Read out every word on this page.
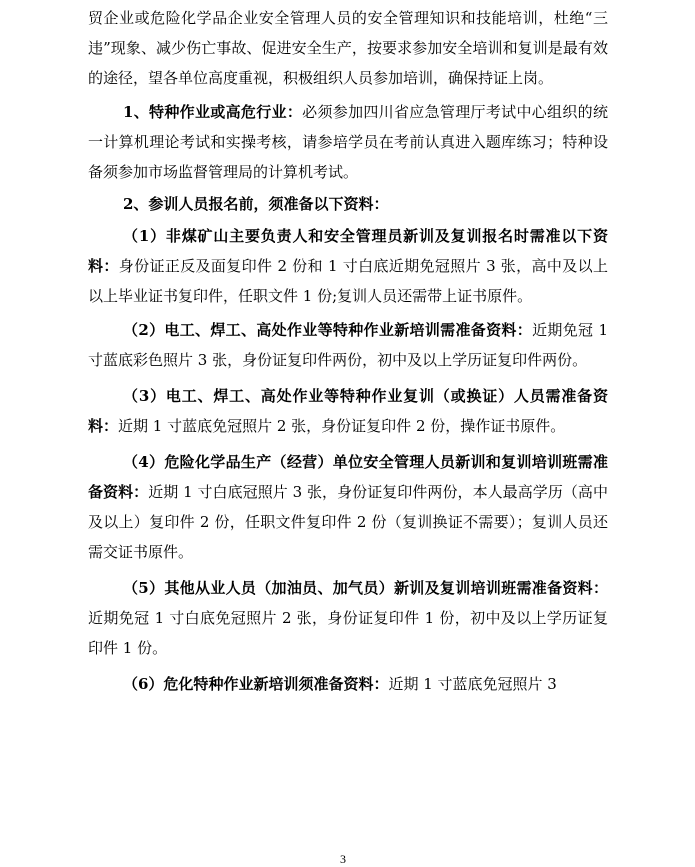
贸企业或危险化学品企业安全管理人员的安全管理知识和技能培训，杜绝“三违”现象、减少伤亡事故、促进安全生产，按要求参加安全培训和复训是最有效的途径，望各单位高度重视，积极组织人员参加培训，确保持证上岗。

1、特种作业或高危行业：必须参加四川省应急管理厅考试中心组织的统一计算机理论考试和实操考核，请参培学员在考前认真进入题库练习；特种设备须参加市场监督管理局的计算机考试。

2、参训人员报名前，须准备以下资料：

（1）非煤矿山主要负责人和安全管理员新训及复训报名时需准以下资料：身份证正反及面复印件 2 份和 1 寸白底近期免冠照片 3 张，高中及以上以上毕业证书复印件，任职文件 1 份;复训人员还需带上证书原件。

（2）电工、焊工、高处作业等特种作业新培训需准备资料：近期免冠 1 寸蓝底彩色照片 3 张，身份证复印件两份，初中及以上学历证复印件两份。

（3）电工、焊工、高处作业等特种作业复训（或换证）人员需准备资料：近期 1 寸蓝底免冠照片 2 张，身份证复印件 2 份，操作证书原件。

（4）危险化学品生产（经营）单位安全管理人员新训和复训培训班需准备资料：近期 1 寸白底冠照片 3 张，身份证复印件两份，本人最高学历（高中及以上）复印件 2 份，任职文件复印件 2 份（复训换证不需要）；复训人员还需交证书原件。

（5）其他从业人员（加油员、加气员）新训及复训培训班需准备资料：近期免冠 1 寸白底免冠照片 2 张，身份证复印件 1 份，初中及以上学历证复印件 1 份。

（6）危化特种作业新培训须准备资料：近期 1 寸蓝底免冠照片 3

3
